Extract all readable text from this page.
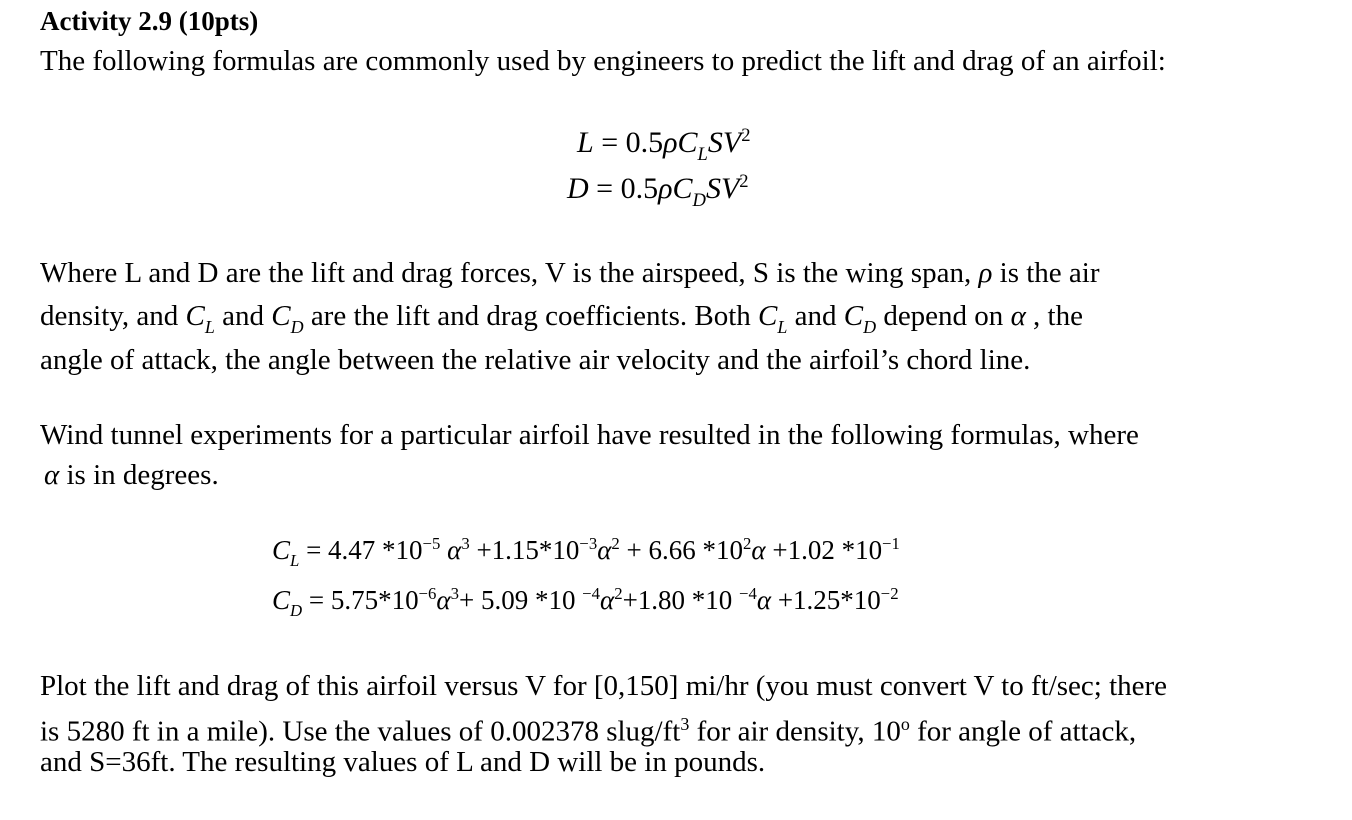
Activity 2.9 (10pts)
The following formulas are commonly used by engineers to predict the lift and drag of an airfoil:
$L = 0.5\rho C_LSV^2$
$D = 0.5\rho C_DSV^2$
Where L and D are the lift and drag forces, V is the airspeed, S is the wing span, ρ is the air
density, and $C_L$ and $C_D$ are the lift and drag coefficients. Both $C_L$ and $C_D$ depend on α , the
angle of attack, the angle between the relative air velocity and the airfoil’s chord line.
Wind tunnel experiments for a particular airfoil have resulted in the following formulas, where
α is in degrees.
$C_L = 4.47$ $*10^{-5}$ $\alpha^3 +1.15*10^{-3}\alpha^2 + 6.66$ $*10^2\alpha +1.02$ $*10^{-1}$
$C_D = 5.75*10^{-6}\alpha^3+ 5.09$ *10 $^{-4}\alpha^2+1.80$ *10 $^{-4}\alpha +1.25*10^{-2}$
Plot the lift and drag of this airfoil versus V for [0,150] mi/hr (you must convert V to ft/sec; there
is 5280 ft in a mile). Use the values of 0.002378 slug/$ft^3$ for air density, 10$^o$ for angle of attack,
and S=36ft. The resulting values of L and D will be in pounds.
